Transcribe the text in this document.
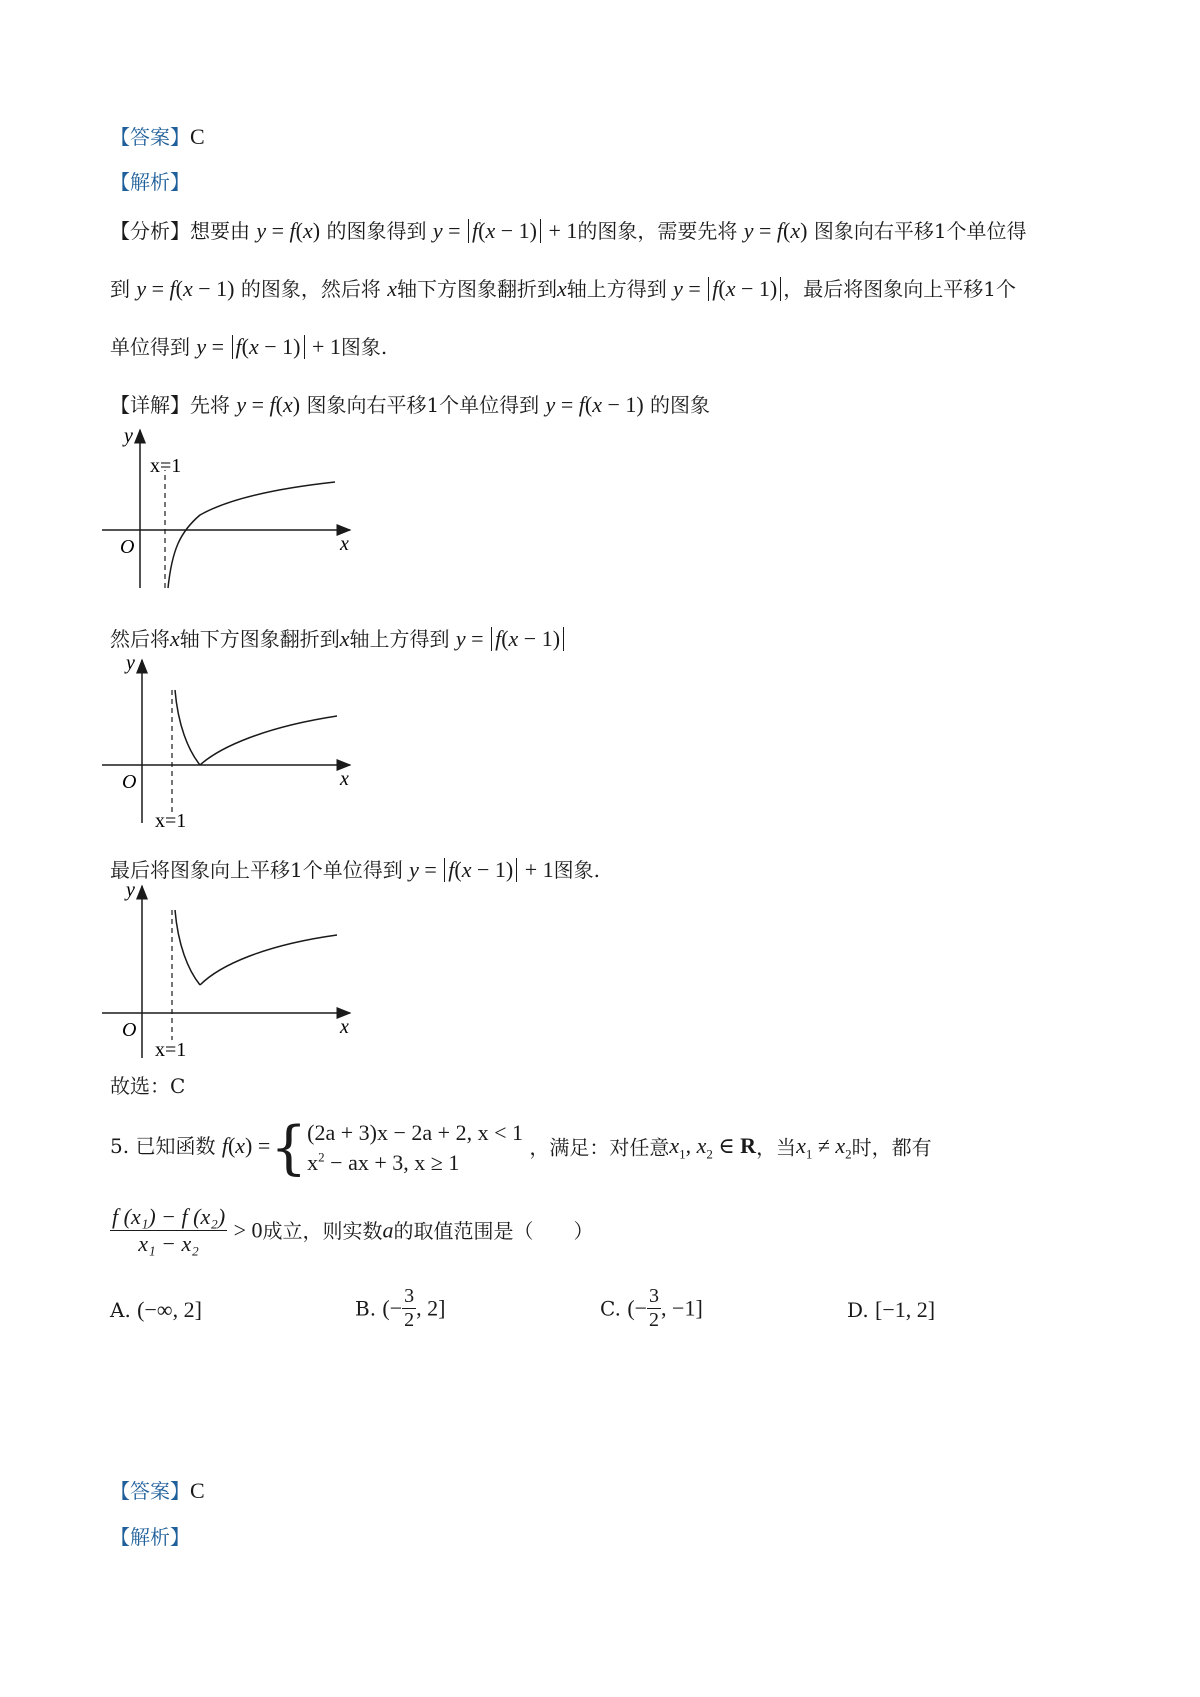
【答案】C
【解析】
【分析】想要由 y = f(x) 的图象得到 y = f(x − 1) + 1的图象，需要先将 y = f(x) 图象向右平移1个单位得
到 y = f(x − 1) 的图象，然后将 x轴下方图象翻折到x轴上方得到 y = f(x − 1) ，最后将图象向上平移1个
单位得到 y = f(x − 1) + 1图象.
【详解】先将 y = f(x) 图象向右平移1个单位得到 y = f(x − 1) 的图象
y
x
O
x=1
然后将x轴下方图象翻折到x轴上方得到 y = f(x − 1)
y
x
O
x=1
最后将图象向上平移1个单位得到 y = f(x − 1) + 1图象.
y
x
O
x=1
故选：C
5. 已知函数 f(x) ={ (2a + 3)x − 2a + 2, x < 1
$x^2$ − ax + 3, x ≥ 1
，满足：对任意$x_1$, $x_2$ ∈ R，当$x_1 \ne x_2$时，都有
$\frac{\text{f (x₁) − f (x₂)}}{\text{x₁ − x₂}} > 0$成立，则实数a的取值范围是（　　）
A. (−∞, 2]	B. (− $\frac{3}{2}$ , 2]	C. (− $\frac{3}{2}$ , −1]	D. [−1, 2]
【答案】C
【解析】
